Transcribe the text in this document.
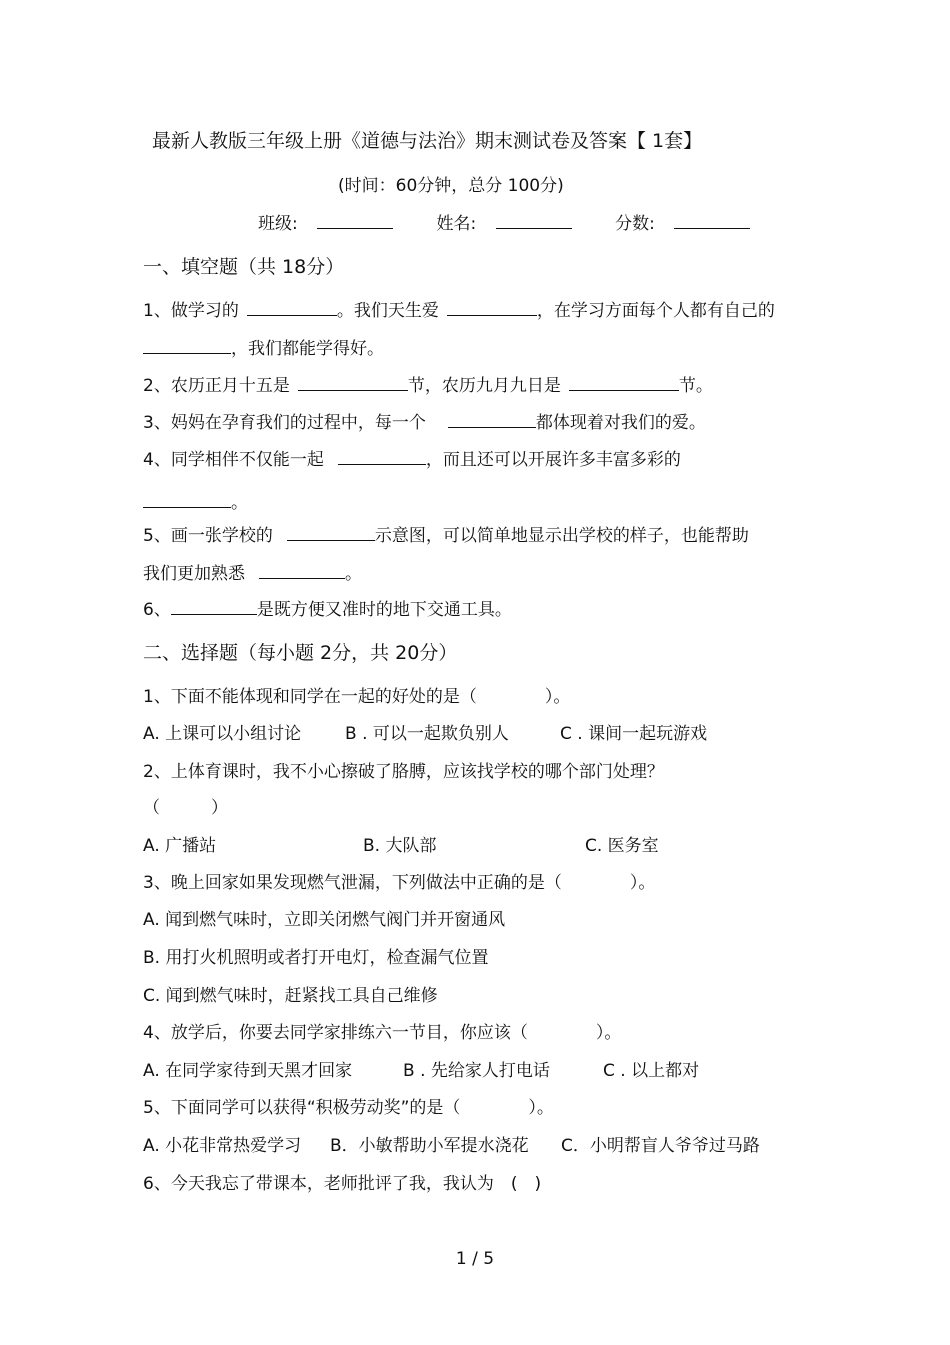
最新人教版三年级上册《道德与法治》期末测试卷及答案【 1套】
(时间：60分钟，总分 100分)
班级:	姓名:	分数:
一、填空题（共 18分）
1、做学习的	。我们天生爱	，在学习方面每个人都有自己的
，我们都能学得好。
2、农历正月十五是	节，农历九月九日是	节。
3、妈妈在孕育我们的过程中，每一个	都体现着对我们的爱。
4、同学相伴不仅能一起	，而且还可以开展许多丰富多彩的
。
5、画一张学校的	示意图，可以简单地显示出学校的样子，也能帮助
我们更加熟悉	。
6、	是既方便又准时的地下交通工具。
二、选择题（每小题 2分，共 20分）
1、下面不能体现和同学在一起的好处的是（　　　　）。
A. 上课可以小组讨论	B . 可以一起欺负别人	C . 课间一起玩游戏
2、上体育课时，我不小心擦破了胳膊，应该找学校的哪个部门处理？
（　　　）
A. 广播站	B. 大队部	C. 医务室
3、晚上回家如果发现燃气泄漏，下列做法中正确的是（　　　　）。
A. 闻到燃气味时，立即关闭燃气阀门并开窗通风
B. 用打火机照明或者打开电灯，检查漏气位置
C. 闻到燃气味时，赶紧找工具自己维修
4、放学后，你要去同学家排练六一节目，你应该（　　　　）。
A. 在同学家待到天黑才回家	B . 先给家人打电话	C . 以上都对
5、下面同学可以获得“积极劳动奖”的是（　　　　）。
A. 小花非常热爱学习 B．小敏帮助小军提水浇花 C．小明帮盲人爷爷过马路
6、今天我忘了带课本，老师批评了我，我认为　(　)
1 / 5
